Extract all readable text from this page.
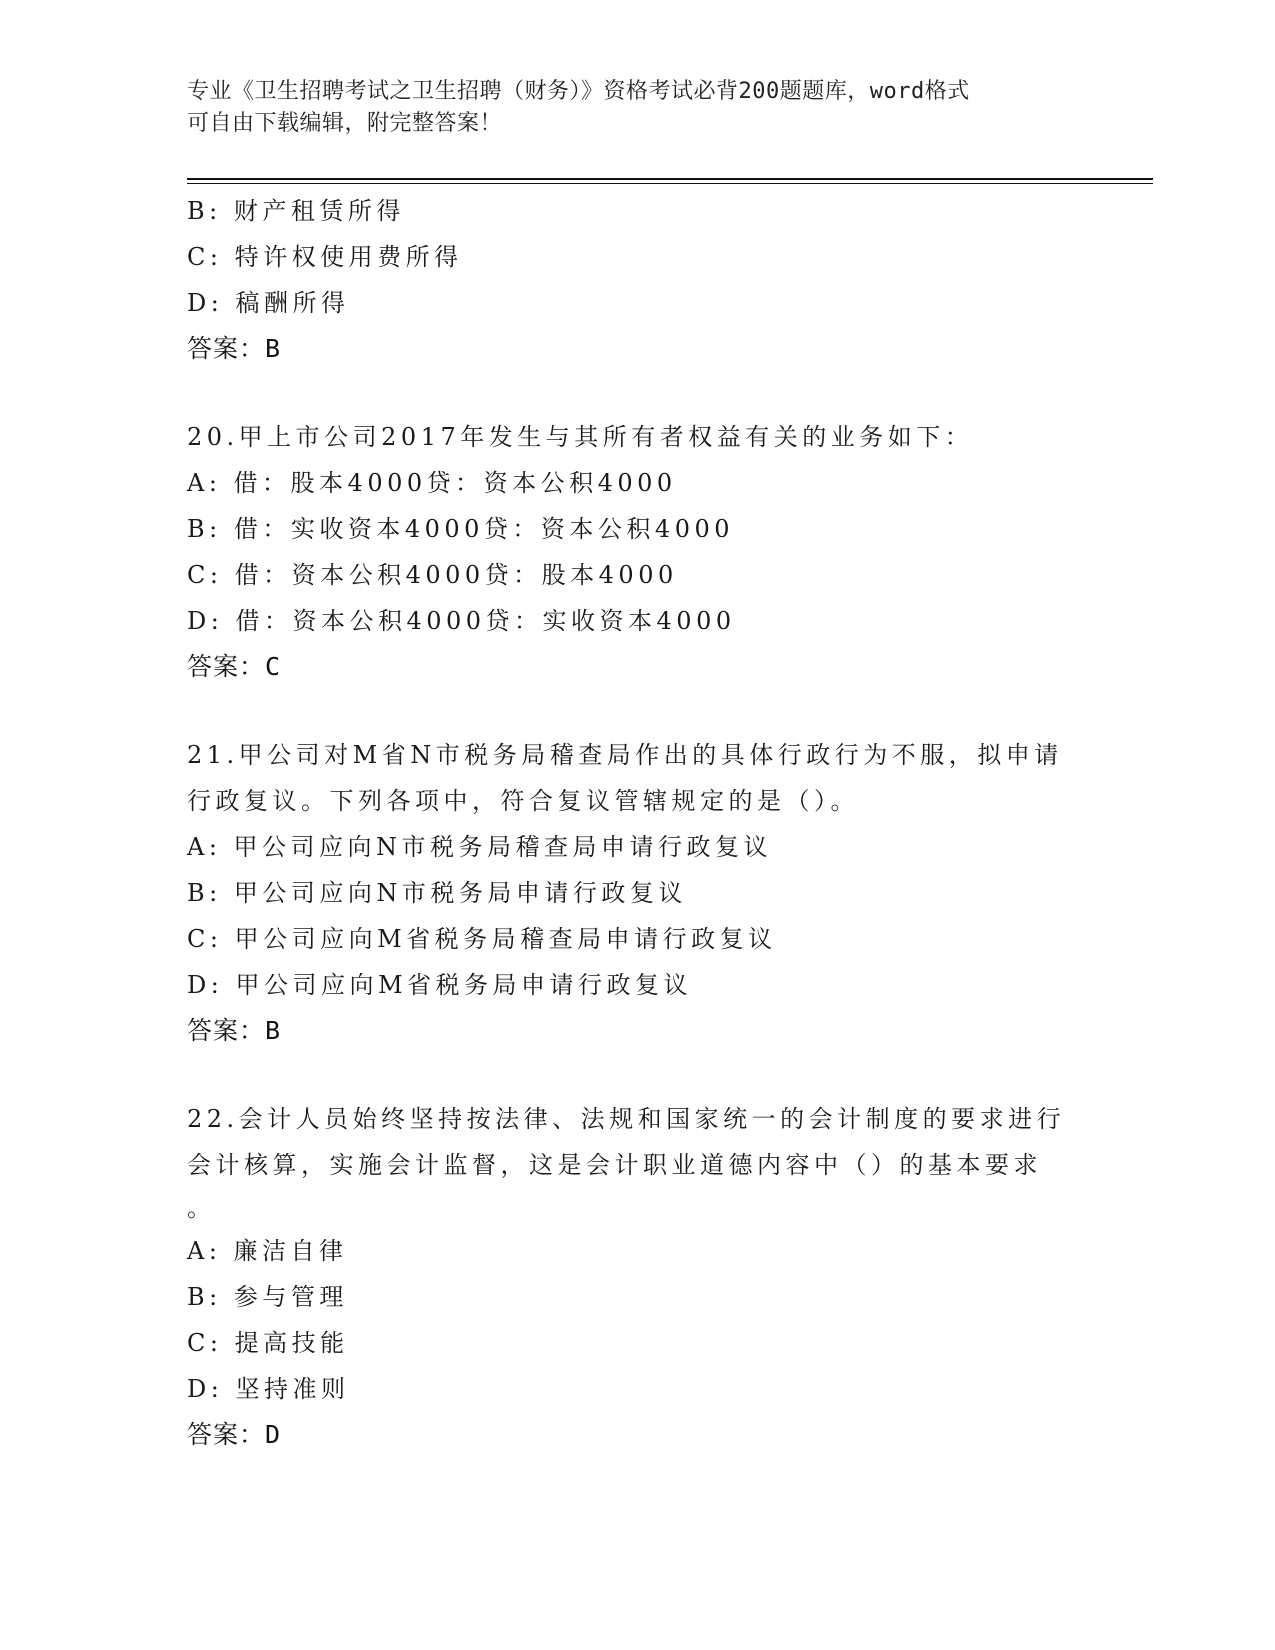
专业《卫生招聘考试之卫生招聘（财务）》资格考试必背200题题库，word格式
可自由下载编辑，附完整答案！
B: 财产租赁所得
C: 特许权使用费所得
D: 稿酬所得
答案：B
20.甲上市公司2017年发生与其所有者权益有关的业务如下：
A: 借：股本4000贷：资本公积4000
B: 借：实收资本4000贷：资本公积4000
C: 借：资本公积4000贷：股本4000
D: 借：资本公积4000贷：实收资本4000
答案：C
21.甲公司对M省N市税务局稽查局作出的具体行政行为不服，拟申请
行政复议。下列各项中，符合复议管辖规定的是（）。
A: 甲公司应向N市税务局稽查局申请行政复议
B: 甲公司应向N市税务局申请行政复议
C: 甲公司应向M省税务局稽查局申请行政复议
D: 甲公司应向M省税务局申请行政复议
答案：B
22.会计人员始终坚持按法律、法规和国家统一的会计制度的要求进行
会计核算，实施会计监督，这是会计职业道德内容中（）的基本要求
。
A: 廉洁自律
B: 参与管理
C: 提高技能
D: 坚持准则
答案：D
